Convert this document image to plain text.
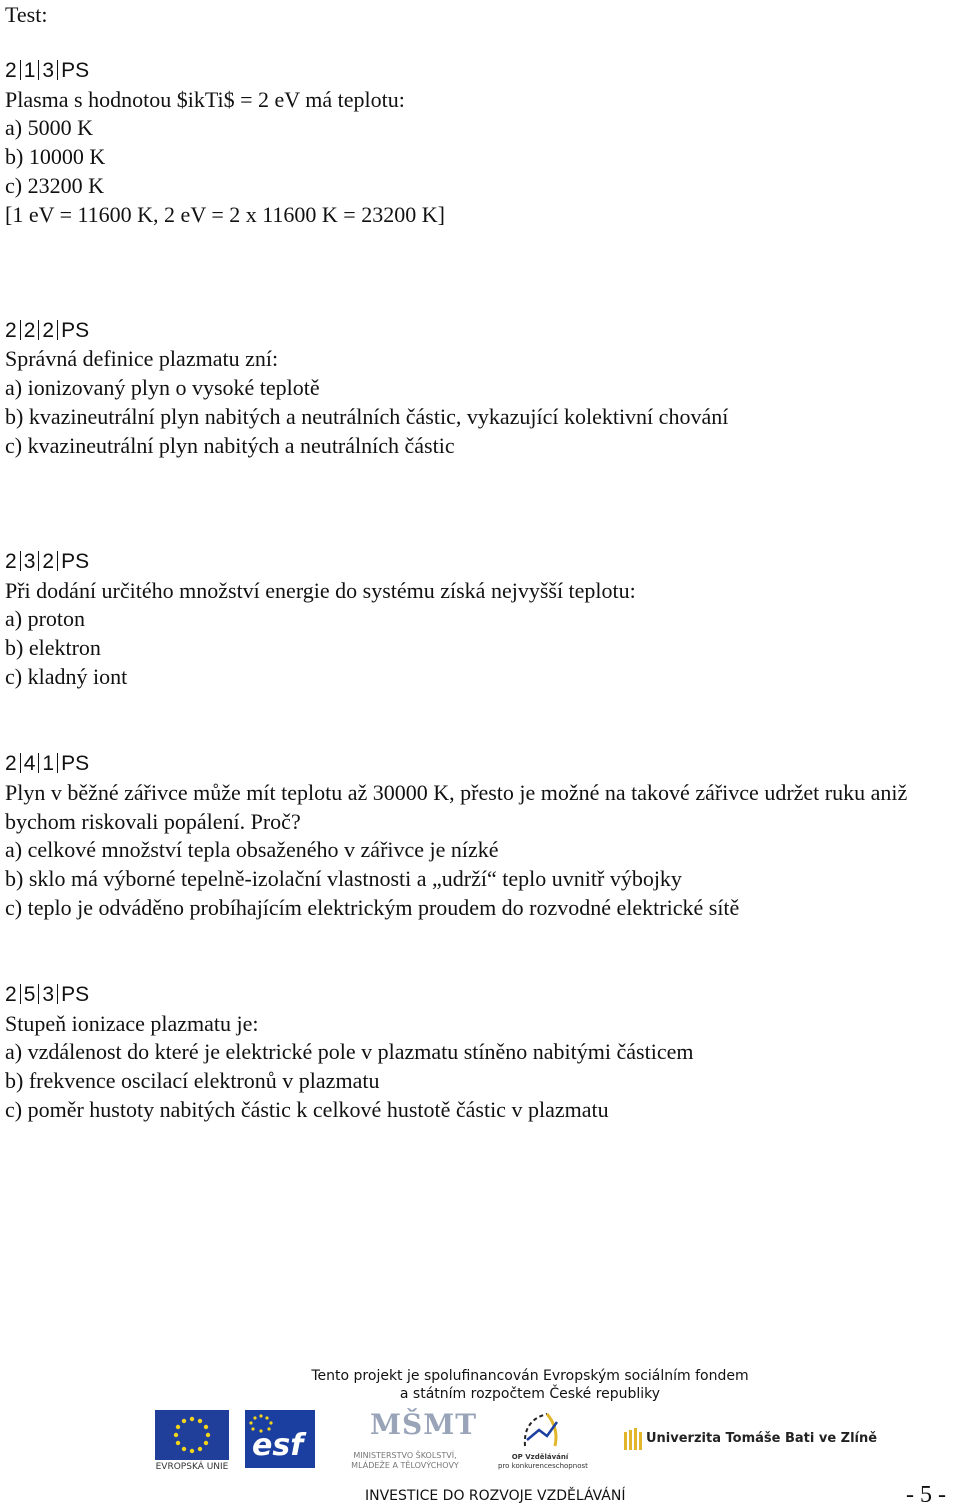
Test:
2 1 3 PS
Plasma s hodnotou $ikTi$ = 2 eV má teplotu:
a) 5000 K
b) 10000 K
c) 23200 K
[1 eV = 11600 K, 2 eV = 2 x 11600 K = 23200 K]
2 2 2 PS
Správná definice plazmatu zní:
a) ionizovaný plyn o vysoké teplotě
b) kvazineutrální plyn nabitých a neutrálních částic, vykazující kolektivní chování
c) kvazineutrální plyn nabitých a neutrálních částic
2 3 2 PS
Při dodání určitého množství energie do systému získá nejvyšší teplotu:
a) proton
b) elektron
c) kladný iont
2 4 1 PS
Plyn v běžné zářivce může mít teplotu až 30000 K, přesto je možné na takové zářivce udržet ruku aniž bychom riskovali popálení. Proč?
a) celkové množství tepla obsaženého v zářivce je nízké
b) sklo má výborné tepelně-izolační vlastnosti a „udrží“ teplo uvnitř výbojky
c) teplo je odváděno probíhajícím elektrickým proudem do rozvodné elektrické sítě
2 5 3 PS
Stupeň ionizace plazmatu je:
a) vzdálenost do které je elektrické pole v plazmatu stíněno nabitými částicem
b) frekvence oscilací elektronů v plazmatu
c) poměr hustoty nabitých částic k celkové hustotě částic v plazmatu
Tento projekt je spolufinancován Evropským sociálním fondem
a státním rozpočtem České republiky
EVROPSKÁ UNIE
esf
MŠMT
MINISTERSTVO ŠKOLSTVÍ,
MLÁDEŽE A TĚLOVÝCHOVY
OP Vzdělávání
pro konkurenceschopnost
Univerzita Tomáše Bati ve Zlíně
INVESTICE DO ROZVOJE VZDĚLÁVÁNÍ	- 5 -
